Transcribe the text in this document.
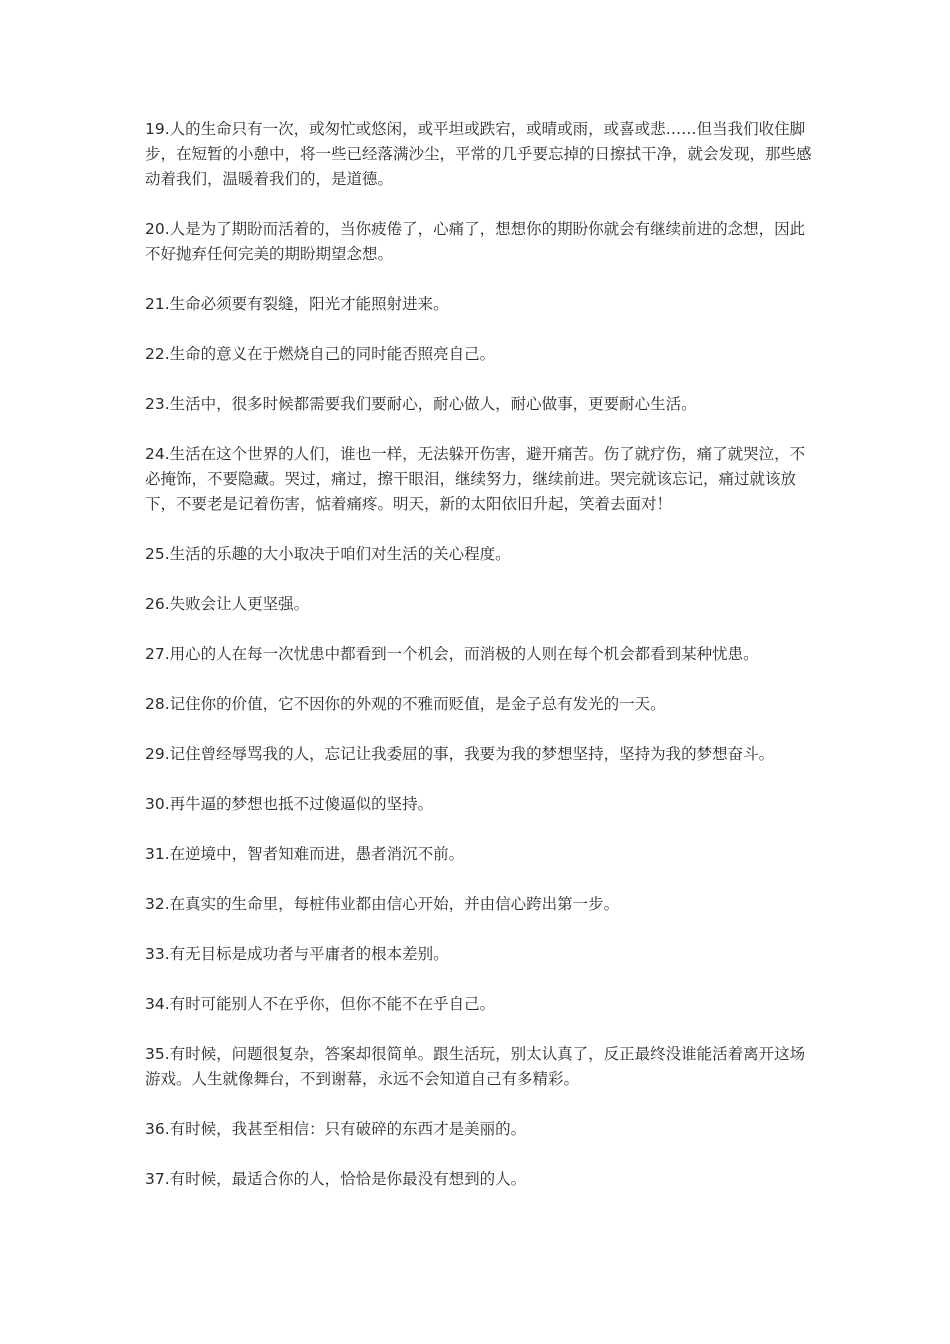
19.人的生命只有一次，或匆忙或悠闲，或平坦或跌宕，或晴或雨，或喜或悲……但当我们收住脚步，在短暂的小憩中，将一些已经落满沙尘，平常的几乎要忘掉的日擦拭干净，就会发现，那些感动着我们，温暖着我们的，是道德。

20.人是为了期盼而活着的，当你疲倦了，心痛了，想想你的期盼你就会有继续前进的念想，因此不好抛弃任何完美的期盼期望念想。

21.生命必须要有裂缝，阳光才能照射进来。

22.生命的意义在于燃烧自己的同时能否照亮自己。

23.生活中，很多时候都需要我们要耐心，耐心做人，耐心做事，更要耐心生活。

24.生活在这个世界的人们，谁也一样，无法躲开伤害，避开痛苦。伤了就疗伤，痛了就哭泣，不必掩饰，不要隐藏。哭过，痛过，擦干眼泪，继续努力，继续前进。哭完就该忘记，痛过就该放下，不要老是记着伤害，惦着痛疼。明天，新的太阳依旧升起，笑着去面对！

25.生活的乐趣的大小取决于咱们对生活的关心程度。

26.失败会让人更坚强。

27.用心的人在每一次忧患中都看到一个机会，而消极的人则在每个机会都看到某种忧患。

28.记住你的价值，它不因你的外观的不雅而贬值，是金子总有发光的一天。

29.记住曾经辱骂我的人，忘记让我委屈的事，我要为我的梦想坚持，坚持为我的梦想奋斗。

30.再牛逼的梦想也抵不过傻逼似的坚持。

31.在逆境中，智者知难而进，愚者消沉不前。

32.在真实的生命里，每桩伟业都由信心开始，并由信心跨出第一步。

33.有无目标是成功者与平庸者的根本差别。

34.有时可能别人不在乎你，但你不能不在乎自己。

35.有时候，问题很复杂，答案却很简单。跟生活玩，别太认真了，反正最终没谁能活着离开这场游戏。人生就像舞台，不到谢幕，永远不会知道自己有多精彩。

36.有时候，我甚至相信：只有破碎的东西才是美丽的。

37.有时候，最适合你的人，恰恰是你最没有想到的人。
